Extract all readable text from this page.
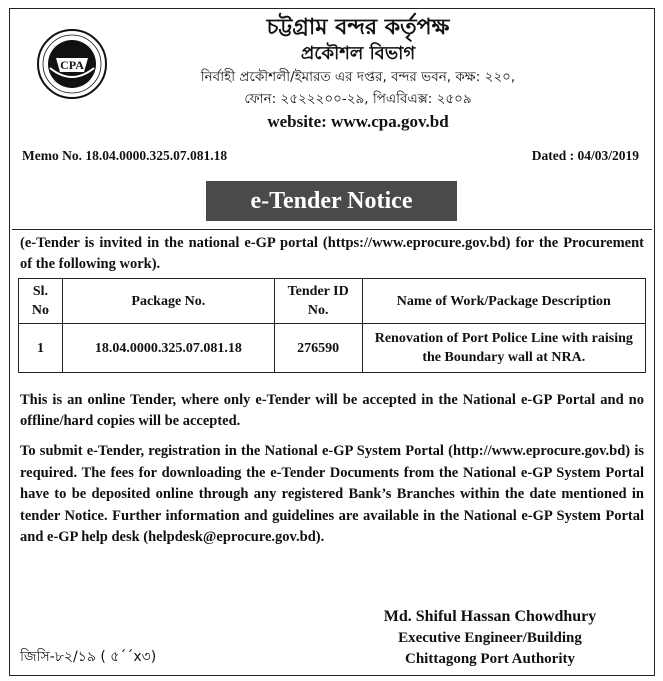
CPA
চট্টগ্রাম বন্দর কর্তৃপক্ষ
প্রকৌশল বিভাগ
নির্বাহী প্রকৌশলী/ইমারত এর দপ্তর, বন্দর ভবন, কক্ষ: ২২০,
ফোন: ২৫২২২০০-২৯, পিএবিএক্স: ২৫০৯
website: www.cpa.gov.bd
Memo No. 18.04.0000.325.07.081.18	Dated : 04/03/2019
e-Tender Notice
(e-Tender is invited in the national e-GP portal (https://www.eprocure.gov.bd) for the Procurement of the following work).
Sl. No	Package No.	Tender ID No.	Name of Work/Package Description
1	18.04.0000.325.07.081.18	276590	Renovation of Port Police Line with raising the Boundary wall at NRA.
This is an online Tender, where only e-Tender will be accepted in the National e-GP Portal and no offline/hard copies will be accepted.
To submit e-Tender, registration in the National e-GP System Portal (http://www.eprocure.gov.bd) is required. The fees for downloading the e-Tender Documents from the National e-GP System Portal have to be deposited online through any registered Bank’s Branches within the date mentioned in tender Notice. Further information and guidelines are available in the National e-GP System Portal and e-GP help desk (helpdesk@eprocure.gov.bd).
Md. Shiful Hassan Chowdhury
Executive Engineer/Building
Chittagong Port Authority
জিসি-৮২/১৯ ( ৫´´x৩)
